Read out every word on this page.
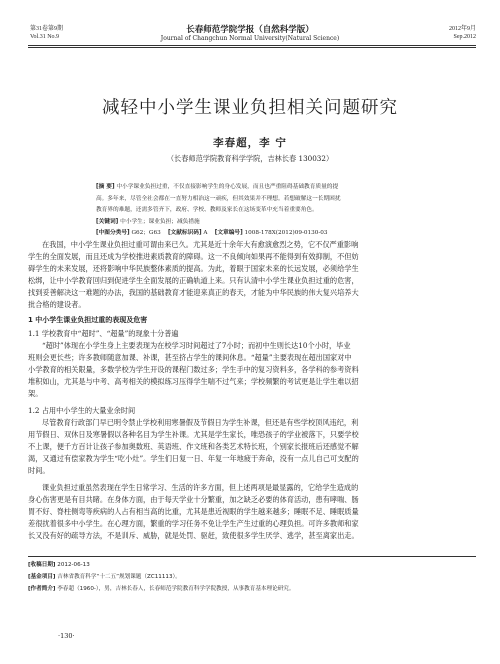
第31卷第9期
Vol.31 No.9
长春师范学院学报（自然科学版）
Journal of Changchun Normal University(Natural Science)
2012年9月
Sep.2012
减轻中小学生课业负担相关问题研究
李春超，李 宁
（长春师范学院教育科学学院，吉林长春 130032）
[摘 要] 中小学课业负担过重，不仅直接影响学生的身心发展，而且也严重阻碍基础教育质量的提
高。多年来，尽管全社会都在一直努力相治这一顽疾，但其效果并不理想。若想破解这一长期困扰
教育界的难题，还需多管齐下，政府、学校、教师及家长在这场变革中充当着重要角色。
[关键词] 中小学生；课业负担；减负措施
[中图分类号] G62；G63 [文献标识码] A [文章编号] 1008-178X(2012)09-0130-03
在我国，中小学生课业负担过重可谓由来已久。尤其是近十余年大有愈演愈烈之势，它不仅严重影响
学生的全面发展，而且还成为学校推进素质教育的障碍。这一不良倾向如果再不能得到有效抑制，不但妨
碍学生的未来发展，还将影响中华民族整体素质的提高。为此，着眼于国家未来的长远发展，必须给学生
松绑，让中小学教育回归到促进学生全面发展的正确轨道上来。只有认清中小学生课业负担过重的危害，
找到妥善解决这一难题的办法，我国的基础教育才能迎来真正的春天，才能为中华民族的伟大复兴培养大
批合格的建设者。
1 中小学生课业负担过重的表现及危害
1.1 学校教育中“超时”、“超量”的现象十分普遍
“超时”体现在小学生身上主要表现为在校学习时间超过了7小时；而初中生则长达10个小时，毕业
班则会更长些；许多教师随意加课、补课，甚至挤占学生的课间休息。“超量”主要表现在超出国家对中
小学教育的相关限量，多数学校为学生开设的课程门数过多；学生手中的复习资料多，各学科的参考资料
堆积如山，尤其是与中考、高考相关的模拟练习压得学生喘不过气来；学校频繁的考试更是让学生难以招
架。
1.2 占用中小学生的大量业余时间
尽管教育行政部门早已明令禁止学校利用寒暑假及节假日为学生补课，但还是有些学校顶风违纪，利
用节假日、双休日及寒暑假以各种名目为学生补课。尤其是学生家长，唯恐孩子的学业被落下，只要学校
不上课，便千方百计让孩子参加奥数班、英语班、作文班和各类艺术特长班，个别家长报班后还感觉不解
渴，又通过有偿家教为学生“吃小灶”。学生们日复一日、年复一年地疲于奔命，没有一点儿自己可支配的
时间。
课业负担过重虽然表现在学生日常学习、生活的许多方面，但上述两项是最显露的，它给学生造成的
身心伤害更是有目共睹。在身体方面，由于每天学业十分繁重，加之缺乏必要的体育活动，患有哮喘、肠
胃不好、脊柱侧弯等疾病的人占有相当高的比重，尤其是患近视眼的学生越来越多；睡眠不足、睡眠质量
差很扰着很多中小学生。在心理方面，繁重的学习任务不免让学生产生过重的心理负担。可许多教师和家
长又没有好的疏导方法，不是训斥、威胁，就是处罚、驱赶，致使很多学生厌学、逃学，甚至离家出走。
[收稿日期] 2012-06-13
[基金项目] 吉林省教育科学“十二五”规划课题（ZC11113）。
[作者简介] 李春超（1960-），男，吉林长春人，长春师范学院教育科学学院教授，从事教育基本理论研究。
·130·
